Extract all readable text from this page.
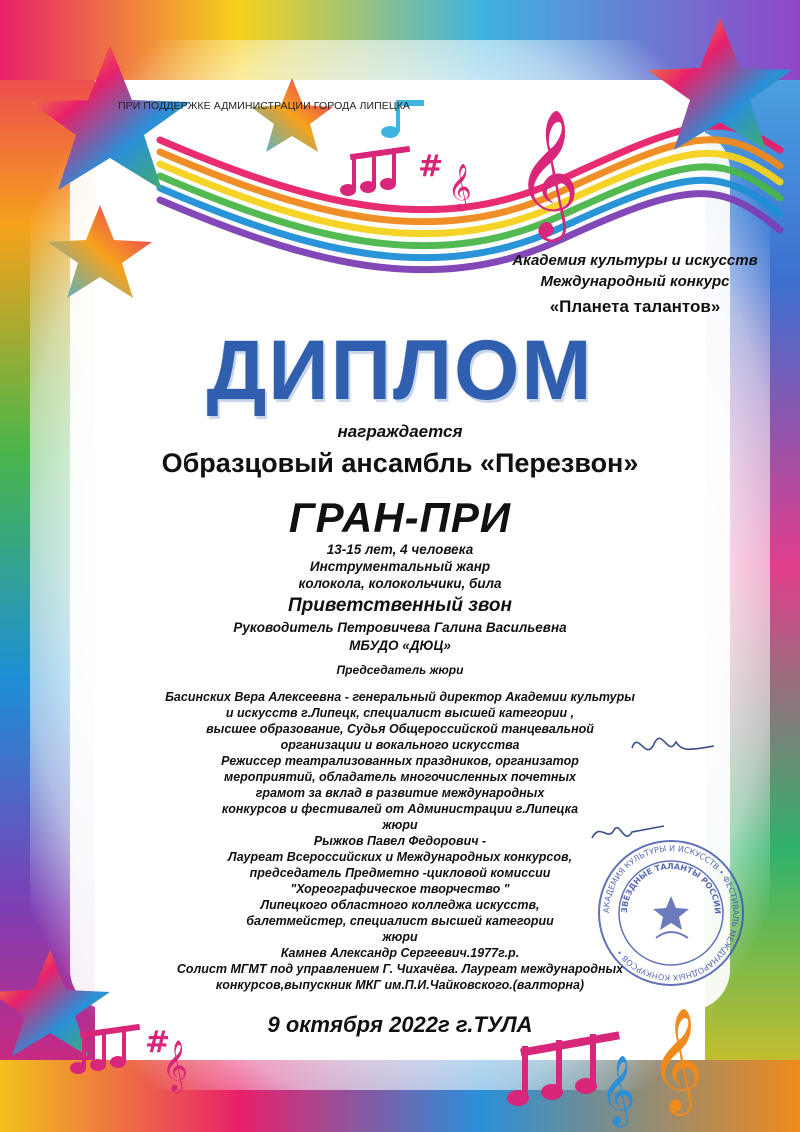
# 𝄞
𝄞
#
𝄞	𝄞
𝄞
ПРИ ПОДДЕРЖКЕ АДМИНИСТРАЦИИ ГОРОДА ЛИПЕЦКА
Академия культуры и искусств
Международный конкурс
«Планета талантов»
ДИПЛОМ
награждается
Образцовый ансамбль «Перезвон»
ГРАН-ПРИ
13-15 лет, 4 человека
Инструментальный жанр
колокола, колокольчики, била
Приветственный звон
Руководитель Петровичева Галина Васильевна
МБУДО «ДЮЦ»
Председатель жюри
Басинских Вера Алексеевна - генеральный директор Академии культуры
и искусств г.Липецк, специалист высшей категории ,
высшее образование, Судья Общероссийской танцевальной
организации и вокального искусства
Режиссер театрализованных праздников, организатор
мероприятий, обладатель многочисленных почетных
грамот за вклад в развитие международных
конкурсов и фестивалей от Администрации г.Липецка
жюри
Рыжков Павел Федорович -
Лауреат Всероссийских и Международных конкурсов,
председатель Предметно -цикловой комиссии
"Хореографическое творчество "
Липецкого областного колледжа искусств,
балетмейстер, специалист высшей категории
жюри
Камнев Александр Сергеевич.1977г.р.
Солист МГМТ под управлением Г. Чихачёва. Лауреат международных
конкурсов,выпускник МКГ им.П.И.Чайковского.(валторна)
9 октября 2022г г.ТУЛА
АКАДЕМИЯ КУЛЬТУРЫ И ИСКУССТВ • ФЕСТИВАЛЬ МЕЖДУНАРОДНЫХ КОНКУРСОВ •
ЗВЁЗДНЫЕ ТАЛАНТЫ РОССИИ
